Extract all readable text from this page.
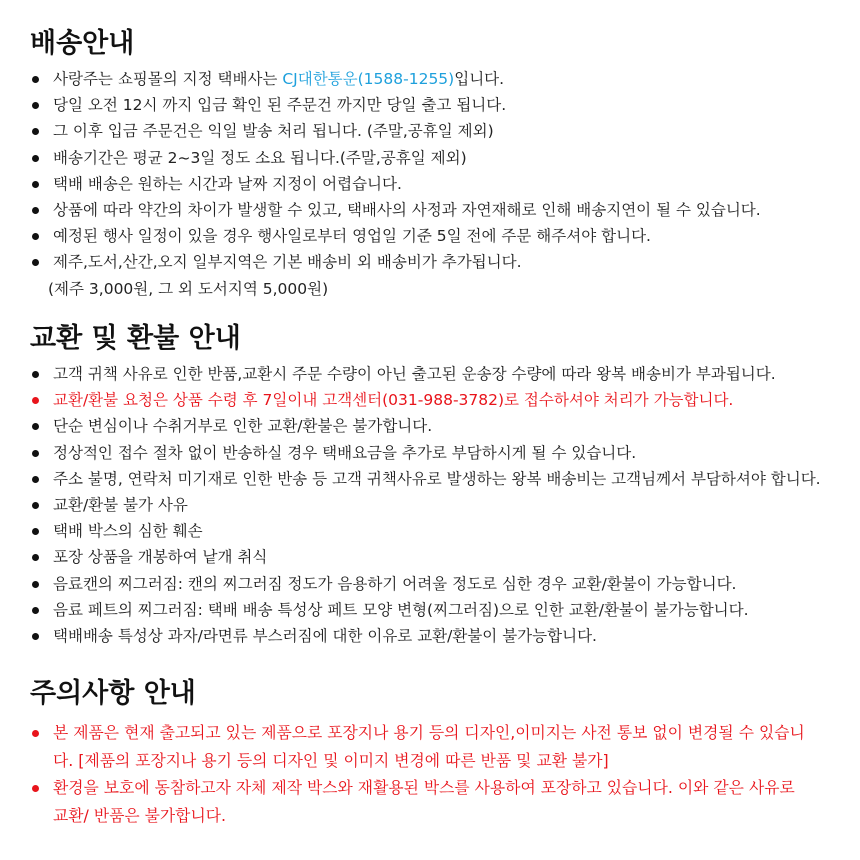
배송안내
사랑주는 쇼핑몰의 지정 택배사는 CJ대한통운(1588-1255)입니다.
당일 오전 12시 까지 입금 확인 된 주문건 까지만 당일 출고 됩니다.
그 이후 입금 주문건은 익일 발송 처리 됩니다. (주말,공휴일 제외)
배송기간은 평균 2~3일 정도 소요 됩니다.(주말,공휴일 제외)
택배 배송은 원하는 시간과 날짜 지정이 어렵습니다.
상품에 따라 약간의 차이가 발생할 수 있고, 택배사의 사정과 자연재해로 인해 배송지연이 될 수 있습니다.
예정된 행사 일정이 있을 경우 행사일로부터 영업일 기준 5일 전에 주문 해주셔야 합니다.
제주,도서,산간,오지 일부지역은 기본 배송비 외 배송비가 추가됩니다.
(제주 3,000원, 그 외 도서지역 5,000원)
교환 및 환불 안내
고객 귀책 사유로 인한 반품,교환시 주문 수량이 아닌 출고된 운송장 수량에 따라 왕복 배송비가 부과됩니다.
교환/환불 요청은 상품 수령 후 7일이내 고객센터(031-988-3782)로 접수하셔야 처리가 가능합니다.
단순 변심이나 수취거부로 인한 교환/환불은 불가합니다.
정상적인 접수 절차 없이 반송하실 경우 택배요금을 추가로 부담하시게 될 수 있습니다.
주소 불명, 연락처 미기재로 인한 반송 등 고객 귀책사유로 발생하는 왕복 배송비는 고객님께서 부담하셔야 합니다.
교환/환불 불가 사유
택배 박스의 심한 훼손
포장 상품을 개봉하여 낱개 취식
음료캔의 찌그러짐: 캔의 찌그러짐 정도가 음용하기 어려울 정도로 심한 경우 교환/환불이 가능합니다.
음료 페트의 찌그러짐: 택배 배송 특성상 페트 모양 변형(찌그러짐)으로 인한 교환/환불이 불가능합니다.
택배배송 특성상 과자/라면류 부스러짐에 대한 이유로 교환/환불이 불가능합니다.
주의사항 안내
본 제품은 현재 출고되고 있는 제품으로 포장지나 용기 등의 디자인,이미지는 사전 통보 없이 변경될 수 있습니다. [제품의 포장지나 용기 등의 디자인 및 이미지 변경에 따른 반품 및 교환 불가]
환경을 보호에 동참하고자 자체 제작 박스와 재활용된 박스를 사용하여 포장하고 있습니다. 이와 같은 사유로 교환/ 반품은 불가합니다.
